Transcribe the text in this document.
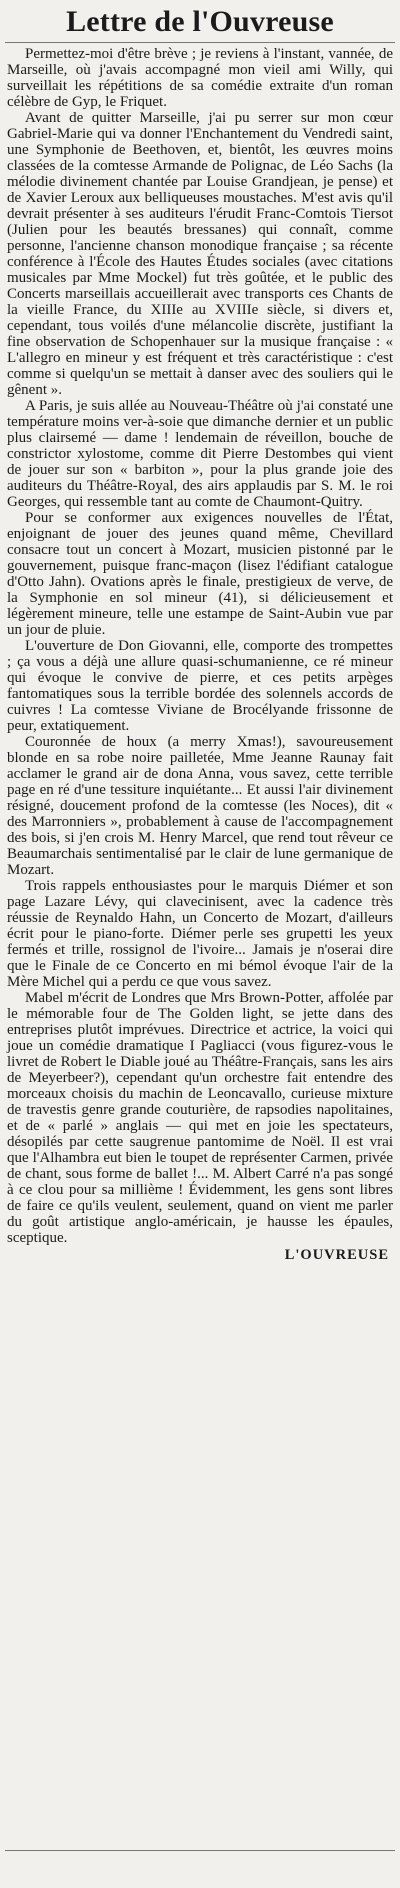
Lettre de l'Ouvreuse

Permettez-moi d'être brève ; je reviens à l'instant, vannée, de Marseille, où j'avais accompagné mon vieil ami Willy, qui surveillait les répétitions de sa comédie extraite d'un roman célèbre de Gyp, le Friquet.

Avant de quitter Marseille, j'ai pu serrer sur mon cœur Gabriel-Marie qui va donner l'Enchantement du Vendredi saint, une Symphonie de Beethoven, et, bientôt, les œuvres moins classées de la comtesse Armande de Polignac, de Léo Sachs (la mélodie divinement chantée par Louise Grandjean, je pense) et de Xavier Leroux aux belliqueuses moustaches. M'est avis qu'il devrait présenter à ses auditeurs l'érudit Franc-Comtois Tiersot (Julien pour les beautés bressanes) qui connaît, comme personne, l'ancienne chanson monodique française ; sa récente conférence à l'École des Hautes Études sociales (avec citations musicales par Mme Mockel) fut très goûtée, et le public des Concerts marseillais accueillerait avec transports ces Chants de la vieille France, du XIIIe au XVIIIe siècle, si divers et, cependant, tous voilés d'une mélancolie discrète, justifiant la fine observation de Schopenhauer sur la musique française : « L'allegro en mineur y est fréquent et très caractéristique : c'est comme si quelqu'un se mettait à danser avec des souliers qui le gênent ».

A Paris, je suis allée au Nouveau-Théâtre où j'ai constaté une température moins ver-à-soie que dimanche dernier et un public plus clairsemé — dame ! lendemain de réveillon, bouche de constrictor xylostome, comme dit Pierre Destombes qui vient de jouer sur son « barbiton », pour la plus grande joie des auditeurs du Théâtre-Royal, des airs applaudis par S. M. le roi Georges, qui ressemble tant au comte de Chaumont-Quitry.

Pour se conformer aux exigences nouvelles de l'État, enjoignant de jouer des jeunes quand même, Chevillard consacre tout un concert à Mozart, musicien pistonné par le gouvernement, puisque franc-maçon (lisez l'édifiant catalogue d'Otto Jahn). Ovations après le finale, prestigieux de verve, de la Symphonie en sol mineur (41), si délicieusement et légèrement mineure, telle une estampe de Saint-Aubin vue par un jour de pluie.

L'ouverture de Don Giovanni, elle, comporte des trompettes ; ça vous a déjà une allure quasi-schumanienne, ce ré mineur qui évoque le convive de pierre, et ces petits arpèges fantomatiques sous la terrible bordée des solennels accords de cuivres ! La comtesse Viviane de Brocélyande frissonne de peur, extatiquement.

Couronnée de houx (a merry Xmas!), savoureusement blonde en sa robe noire pailletée, Mme Jeanne Raunay fait acclamer le grand air de dona Anna, vous savez, cette terrible page en ré d'une tessiture inquiétante... Et aussi l'air divinement résigné, doucement profond de la comtesse (les Noces), dit « des Marronniers », probablement à cause de l'accompagnement des bois, si j'en crois M. Henry Marcel, que rend tout rêveur ce Beaumarchais sentimentalisé par le clair de lune germanique de Mozart.

Trois rappels enthousiastes pour le marquis Diémer et son page Lazare Lévy, qui clavecinisent, avec la cadence très réussie de Reynaldo Hahn, un Concerto de Mozart, d'ailleurs écrit pour le piano-forte. Diémer perle ses grupetti les yeux fermés et trille, rossignol de l'ivoire... Jamais je n'oserai dire que le Finale de ce Concerto en mi bémol évoque l'air de la Mère Michel qui a perdu ce que vous savez.

Mabel m'écrit de Londres que Mrs Brown-Potter, affolée par le mémorable four de The Golden light, se jette dans des entreprises plutôt imprévues. Directrice et actrice, la voici qui joue un comédie dramatique I Pagliacci (vous figurez-vous le livret de Robert le Diable joué au Théâtre-Français, sans les airs de Meyerbeer?), cependant qu'un orchestre fait entendre des morceaux choisis du machin de Leoncavallo, curieuse mixture de travestis genre grande couturière, de rapsodies napolitaines, et de « parlé » anglais — qui met en joie les spectateurs, désopilés par cette saugrenue pantomime de Noël. Il est vrai que l'Alhambra eut bien le toupet de représenter Carmen, privée de chant, sous forme de ballet !... M. Albert Carré n'a pas songé à ce clou pour sa millième ! Évidemment, les gens sont libres de faire ce qu'ils veulent, seulement, quand on vient me parler du goût artistique anglo-américain, je hausse les épaules, sceptique.

L'OUVREUSE
